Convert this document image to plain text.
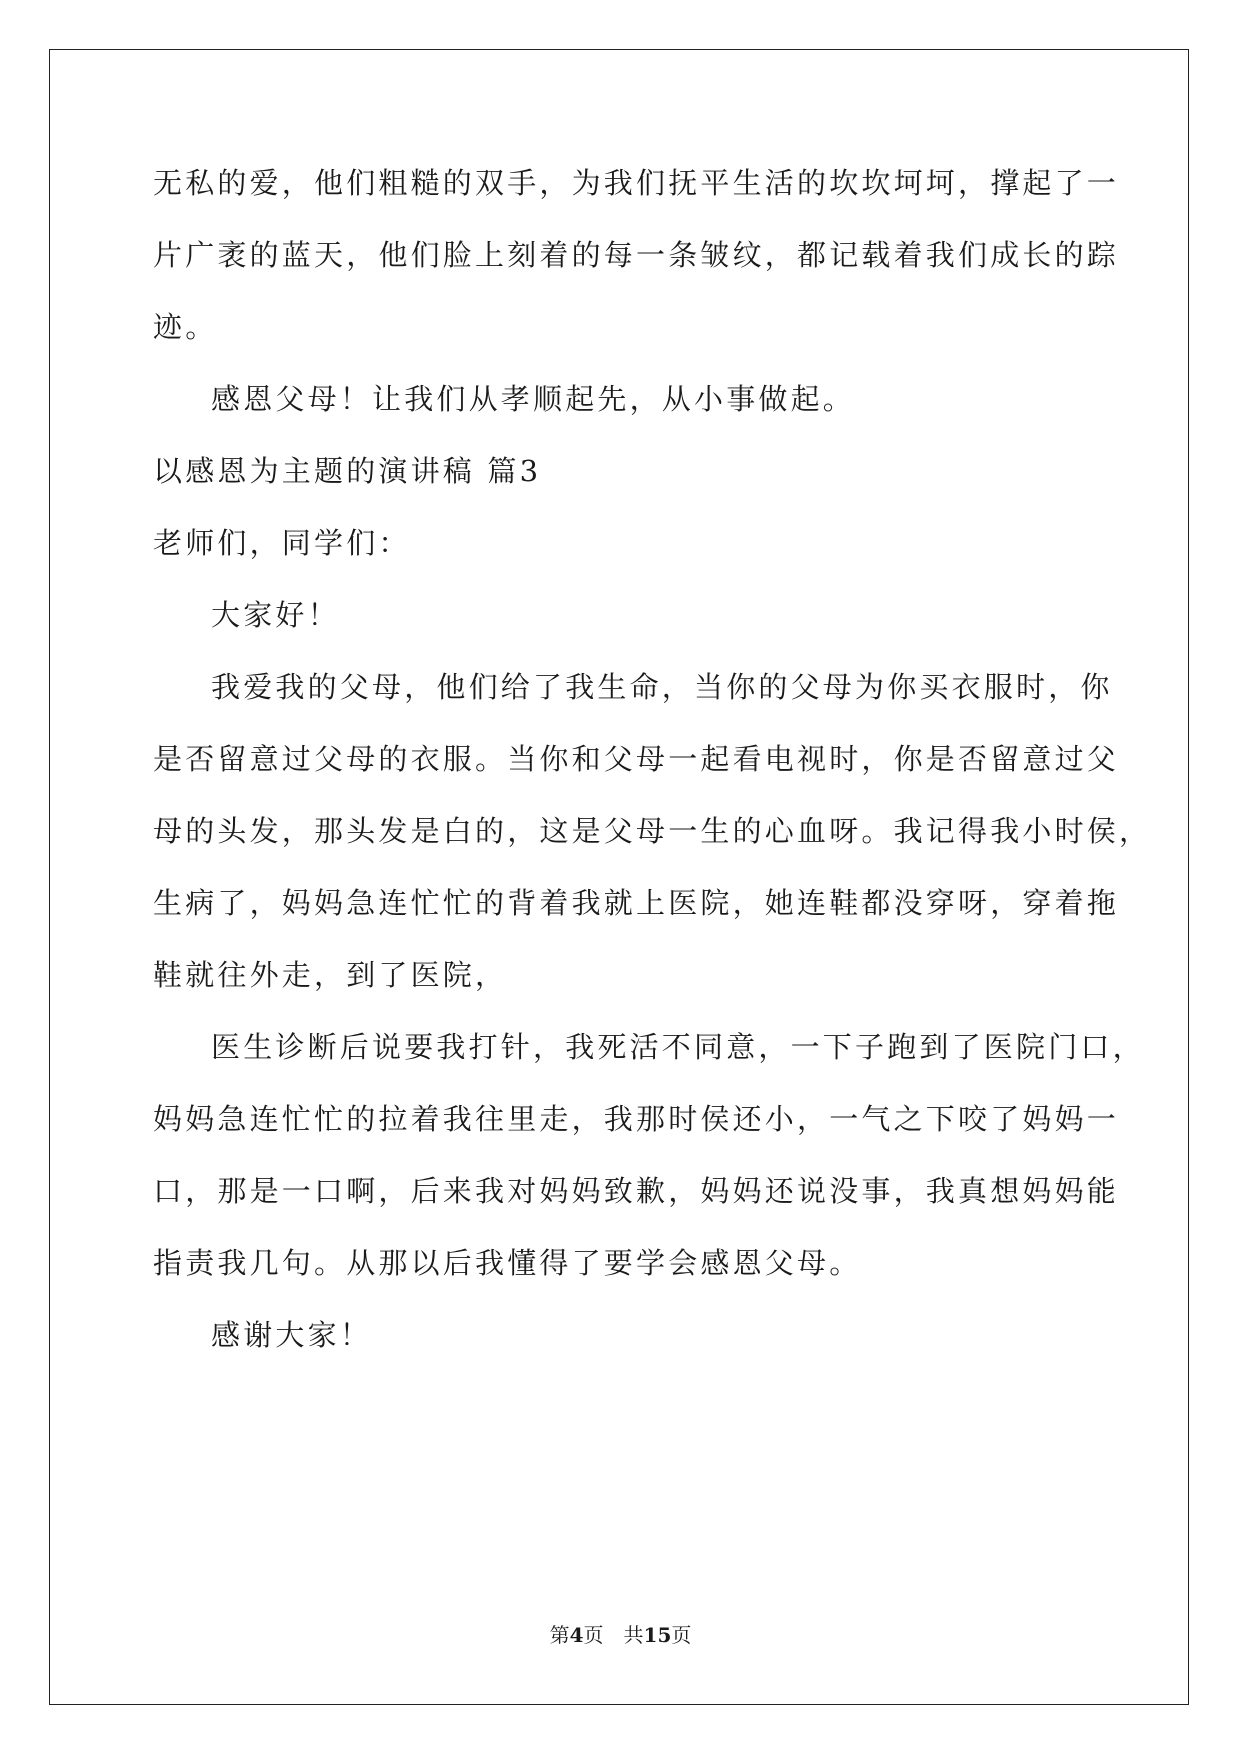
无私的爱，他们粗糙的双手，为我们抚平生活的坎坎坷坷，撑起了一
片广袤的蓝天，他们脸上刻着的每一条皱纹，都记载着我们成长的踪
迹。
感恩父母！让我们从孝顺起先，从小事做起。
以感恩为主题的演讲稿 篇3
老师们，同学们：
大家好！
我爱我的父母，他们给了我生命，当你的父母为你买衣服时，你
是否留意过父母的衣服。当你和父母一起看电视时，你是否留意过父
母的头发，那头发是白的，这是父母一生的心血呀。我记得我小时侯，
生病了，妈妈急连忙忙的背着我就上医院，她连鞋都没穿呀，穿着拖
鞋就往外走，到了医院，
医生诊断后说要我打针，我死活不同意，一下子跑到了医院门口，
妈妈急连忙忙的拉着我往里走，我那时侯还小，一气之下咬了妈妈一
口，那是一口啊，后来我对妈妈致歉，妈妈还说没事，我真想妈妈能
指责我几句。从那以后我懂得了要学会感恩父母。
感谢大家！
第4页　共15页
